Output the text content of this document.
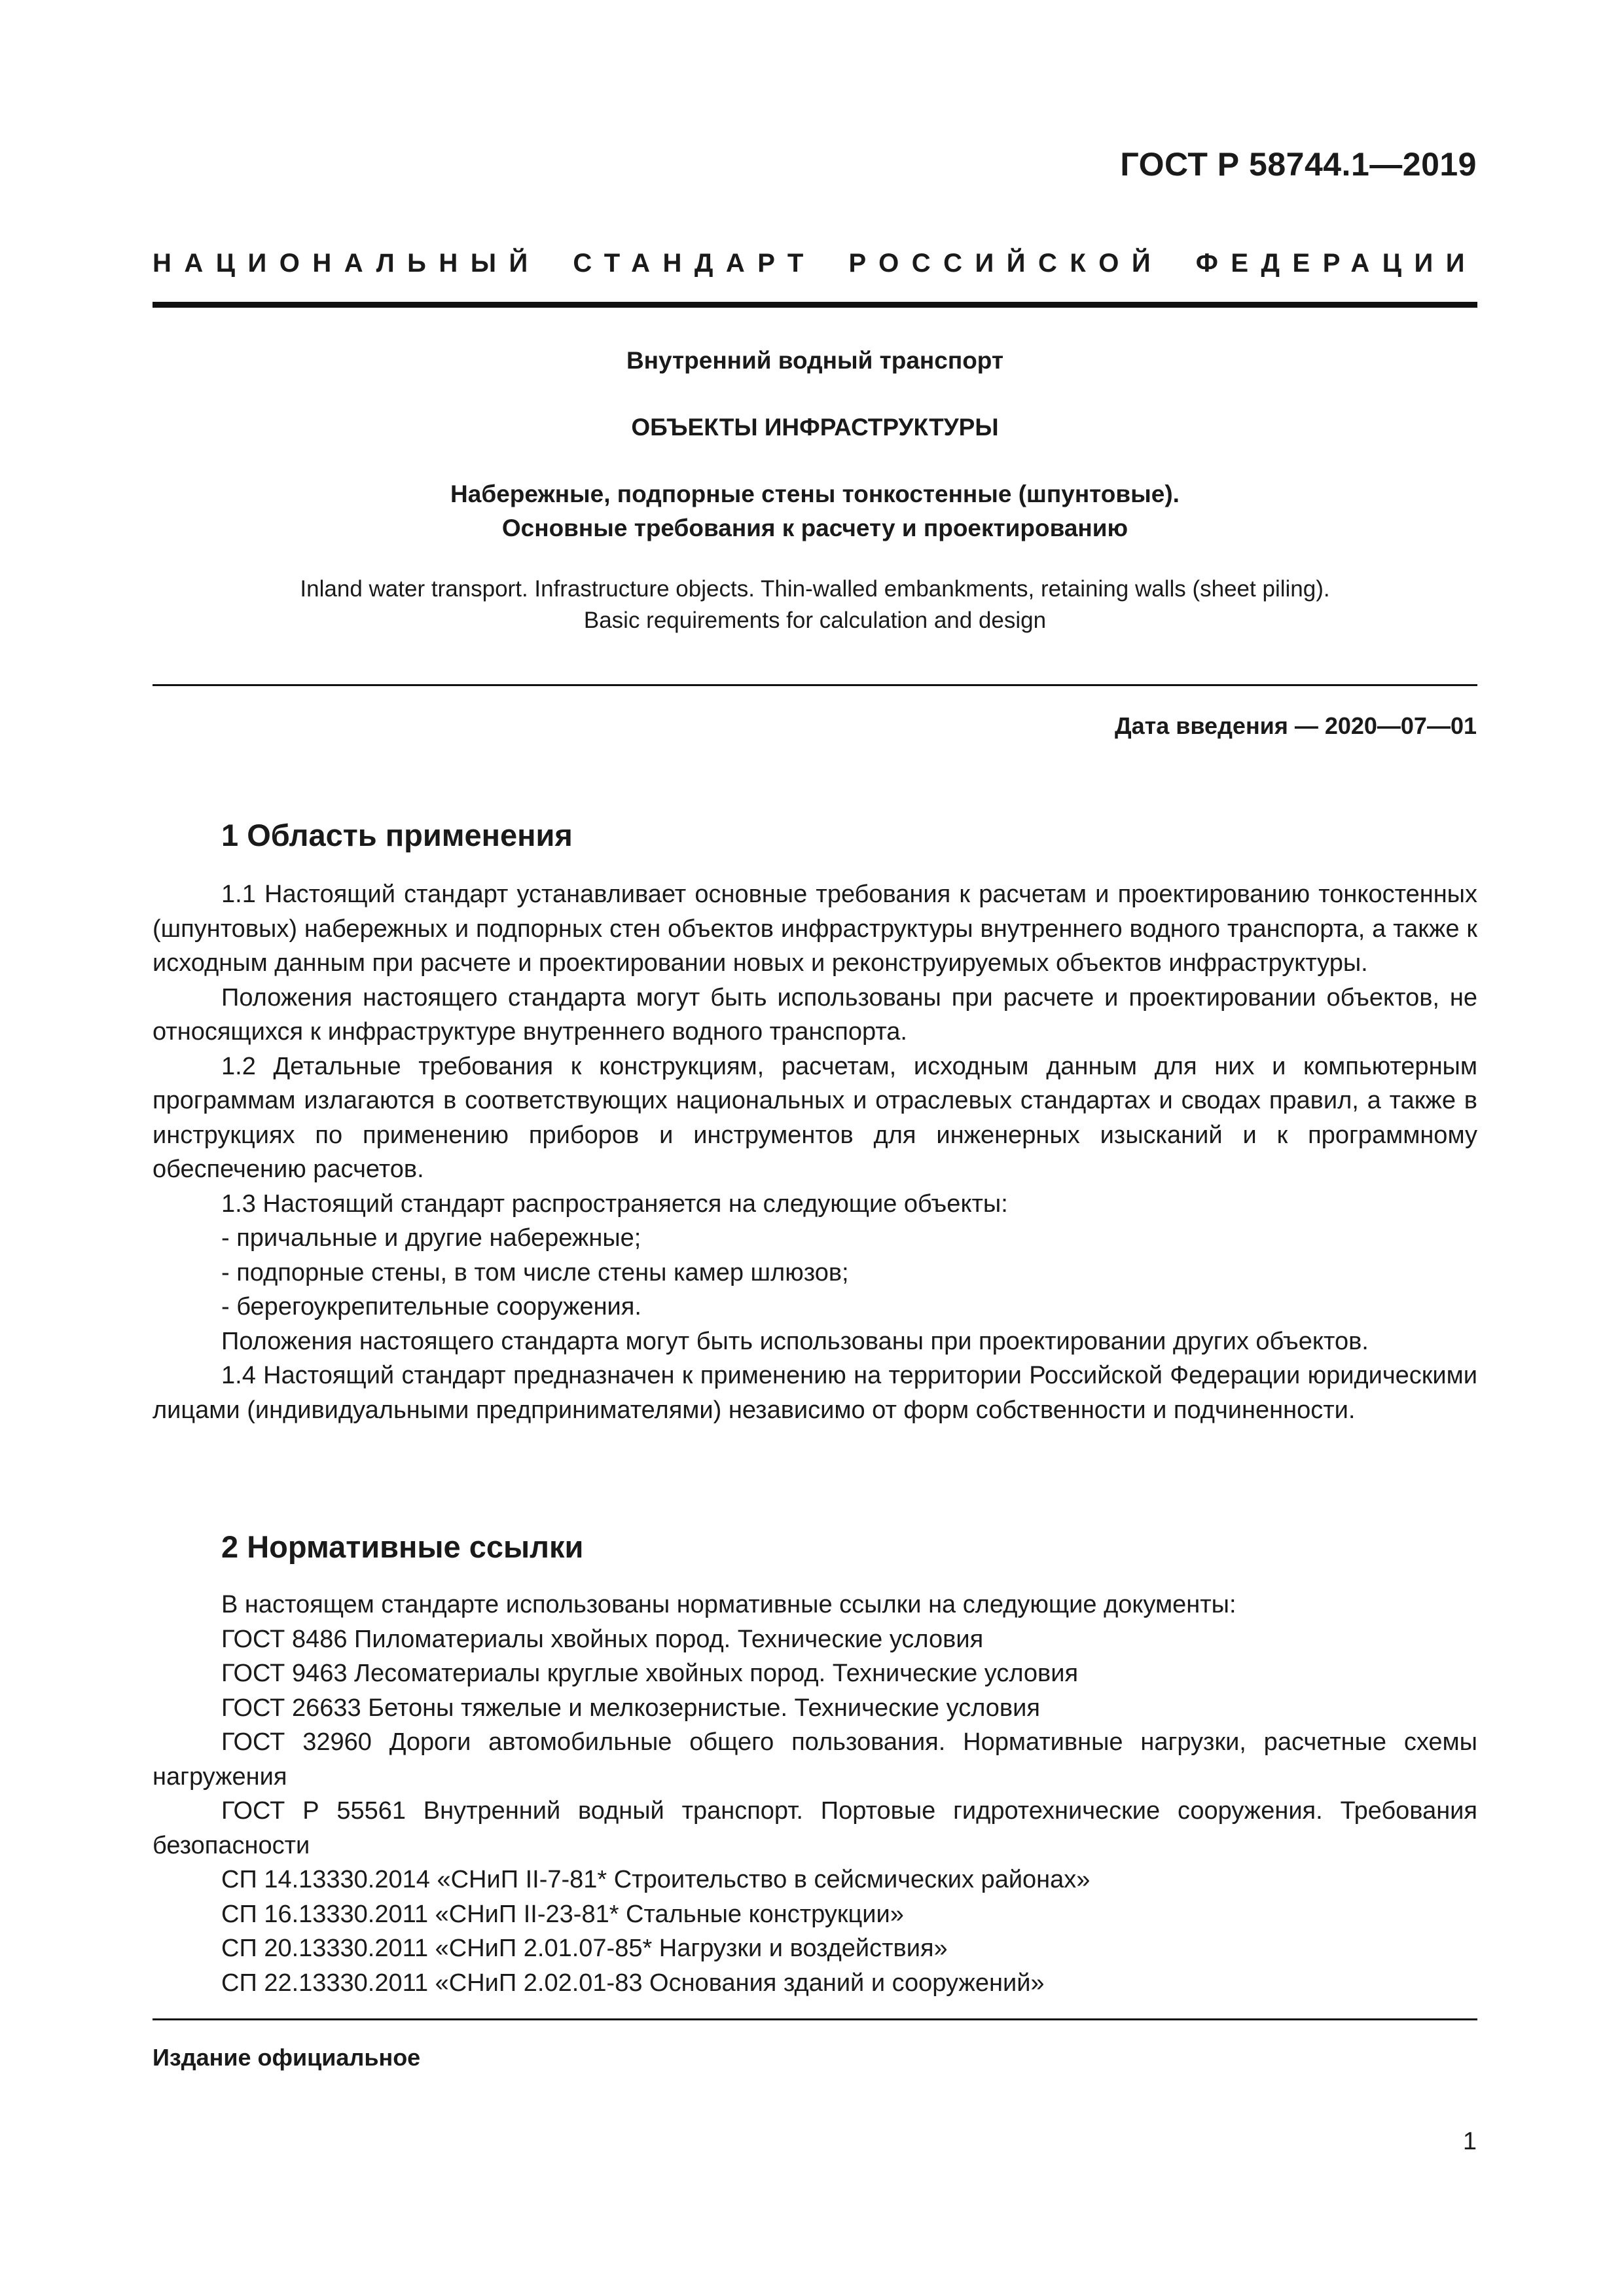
ГОСТ Р 58744.1—2019
НАЦИОНАЛЬНЫЙ СТАНДАРТ РОССИЙСКОЙ ФЕДЕРАЦИИ
Внутренний водный транспорт
ОБЪЕКТЫ ИНФРАСТРУКТУРЫ
Набережные, подпорные стены тонкостенные (шпунтовые).
Основные требования к расчету и проектированию
Inland water transport. Infrastructure objects. Thin-walled embankments, retaining walls (sheet piling).
Basic requirements for calculation and design
Дата введения — 2020—07—01
1 Область применения

1.1 Настоящий стандарт устанавливает основные требования к расчетам и проектированию тонкостенных (шпунтовых) набережных и подпорных стен объектов инфраструктуры внутреннего водного транспорта, а также к исходным данным при расчете и проектировании новых и реконструируемых объектов инфраструктуры.

Положения настоящего стандарта могут быть использованы при расчете и проектировании объектов, не относящихся к инфраструктуре внутреннего водного транспорта.

1.2 Детальные требования к конструкциям, расчетам, исходным данным для них и компьютерным программам излагаются в соответствующих национальных и отраслевых стандартах и сводах правил, а также в инструкциях по применению приборов и инструментов для инженерных изысканий и к программному обеспечению расчетов.

1.3 Настоящий стандарт распространяется на следующие объекты:

- причальные и другие набережные;

- подпорные стены, в том числе стены камер шлюзов;

- берегоукрепительные сооружения.

Положения настоящего стандарта могут быть использованы при проектировании других объектов.

1.4 Настоящий стандарт предназначен к применению на территории Российской Федерации юридическими лицами (индивидуальными предпринимателями) независимо от форм собственности и подчиненности.

2 Нормативные ссылки

В настоящем стандарте использованы нормативные ссылки на следующие документы:

ГОСТ 8486 Пиломатериалы хвойных пород. Технические условия

ГОСТ 9463 Лесоматериалы круглые хвойных пород. Технические условия

ГОСТ 26633 Бетоны тяжелые и мелкозернистые. Технические условия

ГОСТ 32960 Дороги автомобильные общего пользования. Нормативные нагрузки, расчетные схемы нагружения

ГОСТ Р 55561 Внутренний водный транспорт. Портовые гидротехнические сооружения. Требования безопасности

СП 14.13330.2014 «СНиП II-7-81* Строительство в сейсмических районах»

СП 16.13330.2011 «СНиП II-23-81* Стальные конструкции»

СП 20.13330.2011 «СНиП 2.01.07-85* Нагрузки и воздействия»

СП 22.13330.2011 «СНиП 2.02.01-83 Основания зданий и сооружений»

Издание официальное
1
